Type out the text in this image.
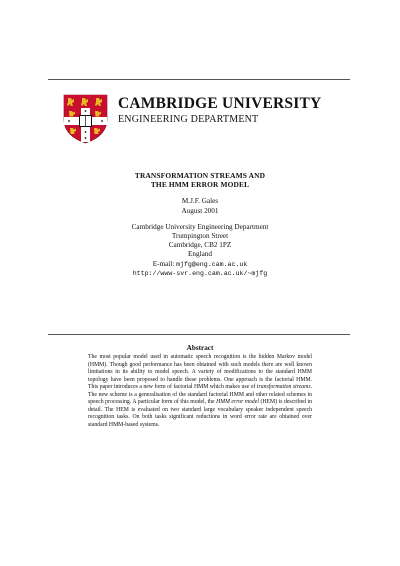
CAMBRIDGE UNIVERSITY
ENGINEERING DEPARTMENT
TRANSFORMATION STREAMS AND
THE HMM ERROR MODEL
M.J.F. Gales
August 2001
Cambridge University Engineering Department
Trumpington Street
Cambridge, CB2 1PZ
England
E-mail: mjfg@eng.cam.ac.uk
http://www-svr.eng.cam.ac.uk/~mjfg
Abstract
The most popular model used in automatic speech recognition is the hidden Markov model (HMM). Though good performance has been obtained with such models there are well known limitations in its ability to model speech. A variety of modifications to the standard HMM topology have been proposed to handle these problems. One approach is the factorial HMM. This paper introduces a new form of factorial HMM which makes use of transformation streams. The new scheme is a generalisation of the standard factorial HMM and other related schemes in speech processing. A particular form of this model, the HMM error model (HEM) is described in detail. The HEM is evaluated on two standard large vocabulary speaker independent speech recognition tasks. On both tasks significant reductions in word error rate are obtained over standard HMM-based systems.
